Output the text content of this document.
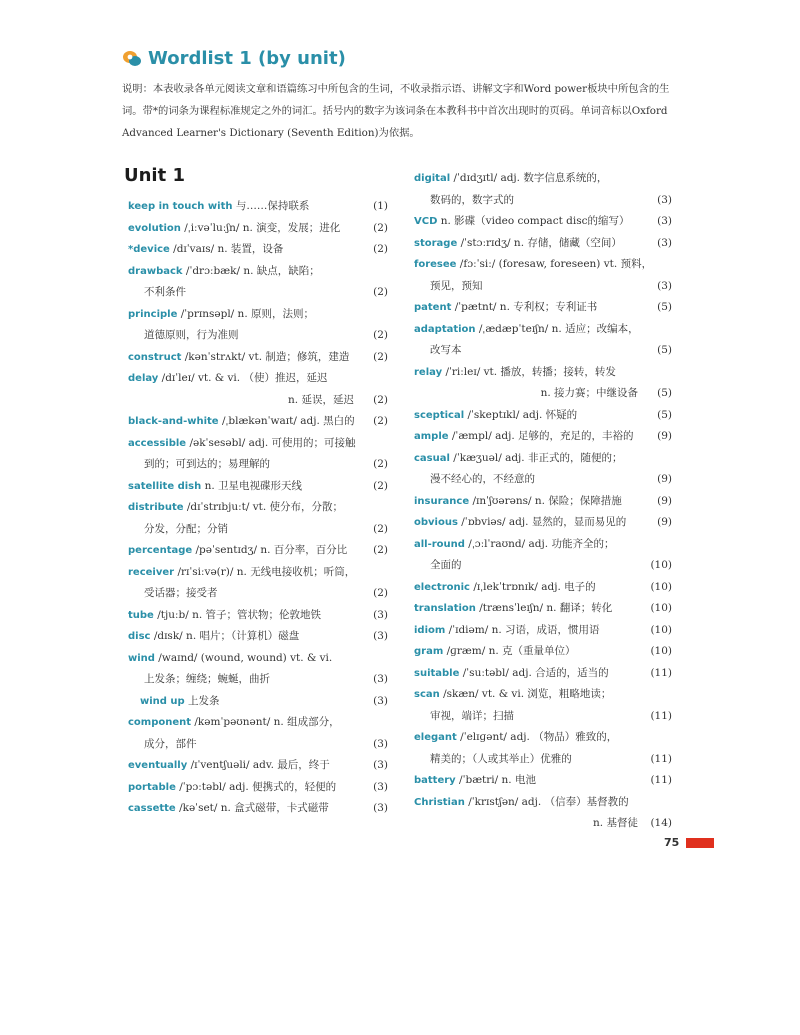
Wordlist 1 (by unit)
说明：本表收录各单元阅读文章和语篇练习中所包含的生词，不收录指示语、讲解文字和Word power板块中所包含的生词。带*的词条为课程标准规定之外的词汇。括号内的数字为该词条在本教科书中首次出现时的页码。单词音标以Oxford Advanced Learner's Dictionary (Seventh Edition)为依据。
Unit 1
keep in touch with 与……保持联系	(1)
evolution /ˌiːvəˈluːʃn/ n. 演变，发展；进化	(2)
*device /dɪˈvaɪs/ n. 装置，设备	(2)
drawback /ˈdrɔːbæk/ n. 缺点，缺陷；
不利条件	(2)
principle /ˈprɪnsəpl/ n. 原则，法则；
道德原则，行为准则	(2)
construct /kənˈstrʌkt/ vt. 制造；修筑，建造	(2)
delay /dɪˈleɪ/ vt. & vi. （使）推迟，延迟
n. 延误，延迟	(2)
black-and-white /ˌblækənˈwaɪt/ adj. 黑白的	(2)
accessible /əkˈsesəbl/ adj. 可使用的；可接触
到的；可到达的；易理解的	(2)
satellite dish n. 卫星电视碟形天线	(2)
distribute /dɪˈstrɪbjuːt/ vt. 使分布，分散；
分发，分配；分销	(2)
percentage /pəˈsentɪdʒ/ n. 百分率，百分比	(2)
receiver /rɪˈsiːvə(r)/ n. 无线电接收机；听筒，
受话器；接受者	(2)
tube /tjuːb/ n. 管子；管状物；伦敦地铁	(3)
disc /dɪsk/ n. 唱片；（计算机）磁盘	(3)
wind /waɪnd/ (wound, wound) vt. & vi.
上发条；缠绕；蜿蜒，曲折	(3)
wind up 上发条	(3)
component /kəmˈpəʊnənt/ n. 组成部分，
成分，部件	(3)
eventually /ɪˈventʃuəli/ adv. 最后，终于	(3)
portable /ˈpɔːtəbl/ adj. 便携式的，轻便的	(3)
cassette /kəˈset/ n. 盒式磁带，卡式磁带	(3)
digital /ˈdɪdʒɪtl/ adj. 数字信息系统的，
数码的，数字式的	(3)
VCD n. 影碟（video compact disc的缩写）	(3)
storage /ˈstɔːrɪdʒ/ n. 存储，储藏（空间）	(3)
foresee /fɔːˈsiː/ (foresaw, foreseen) vt. 预料，
预见，预知	(3)
patent /ˈpætnt/ n. 专利权；专利证书	(5)
adaptation /ˌædæpˈteɪʃn/ n. 适应；改编本，
改写本	(5)
relay /ˈriːleɪ/ vt. 播放，转播；接转，转发
n. 接力赛；中继设备	(5)
sceptical /ˈskeptɪkl/ adj. 怀疑的	(5)
ample /ˈæmpl/ adj. 足够的，充足的，丰裕的	(9)
casual /ˈkæʒuəl/ adj. 非正式的，随便的；
漫不经心的，不经意的	(9)
insurance /ɪnˈʃʊərəns/ n. 保险；保障措施	(9)
obvious /ˈɒbviəs/ adj. 显然的，显而易见的	(9)
all-round /ˌɔːlˈraʊnd/ adj. 功能齐全的；
全面的	(10)
electronic /ɪˌlekˈtrɒnɪk/ adj. 电子的	(10)
translation /trænsˈleɪʃn/ n. 翻译；转化	(10)
idiom /ˈɪdiəm/ n. 习语，成语，惯用语	(10)
gram /ɡræm/ n. 克（重量单位）	(10)
suitable /ˈsuːtəbl/ adj. 合适的，适当的	(11)
scan /skæn/ vt. & vi. 浏览，粗略地读；
审视，端详；扫描	(11)
elegant /ˈelɪɡənt/ adj. （物品）雅致的，
精美的；（人或其举止）优雅的	(11)
battery /ˈbætri/ n. 电池	(11)
Christian /ˈkrɪstʃən/ adj. （信奉）基督教的
n. 基督徒	(14)
75
